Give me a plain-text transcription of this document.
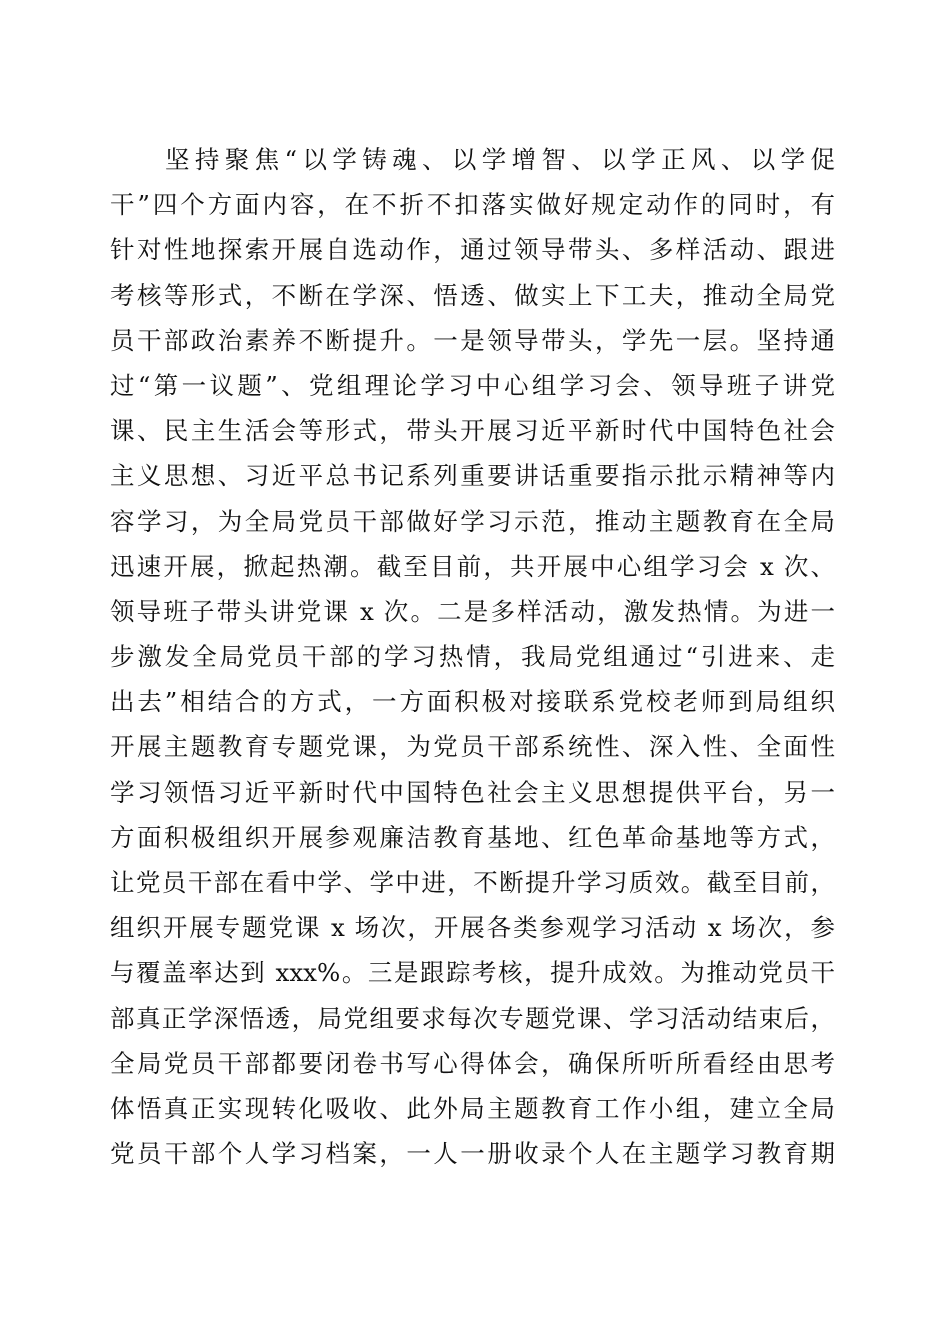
坚持聚焦“以学铸魂、以学增智、以学正风、以学促
干”四个方面内容，在不折不扣落实做好规定动作的同时，有
针对性地探索开展自选动作，通过领导带头、多样活动、跟进
考核等形式，不断在学深、悟透、做实上下工夫，推动全局党
员干部政治素养不断提升。一是领导带头，学先一层。坚持通
过“第一议题”、党组理论学习中心组学习会、领导班子讲党
课、民主生活会等形式，带头开展习近平新时代中国特色社会
主义思想、习近平总书记系列重要讲话重要指示批示精神等内
容学习，为全局党员干部做好学习示范，推动主题教育在全局
迅速开展，掀起热潮。截至目前，共开展中心组学习会 x 次、
领导班子带头讲党课 x 次。二是多样活动，激发热情。为进一
步激发全局党员干部的学习热情，我局党组通过“引进来、走
出去”相结合的方式，一方面积极对接联系党校老师到局组织
开展主题教育专题党课，为党员干部系统性、深入性、全面性
学习领悟习近平新时代中国特色社会主义思想提供平台，另一
方面积极组织开展参观廉洁教育基地、红色革命基地等方式，
让党员干部在看中学、学中进，不断提升学习质效。截至目前，
组织开展专题党课 x 场次，开展各类参观学习活动 x 场次，参
与覆盖率达到 xxx%。三是跟踪考核，提升成效。为推动党员干
部真正学深悟透，局党组要求每次专题党课、学习活动结束后，
全局党员干部都要闭卷书写心得体会，确保所听所看经由思考
体悟真正实现转化吸收、此外局主题教育工作小组，建立全局
党员干部个人学习档案，一人一册收录个人在主题学习教育期
